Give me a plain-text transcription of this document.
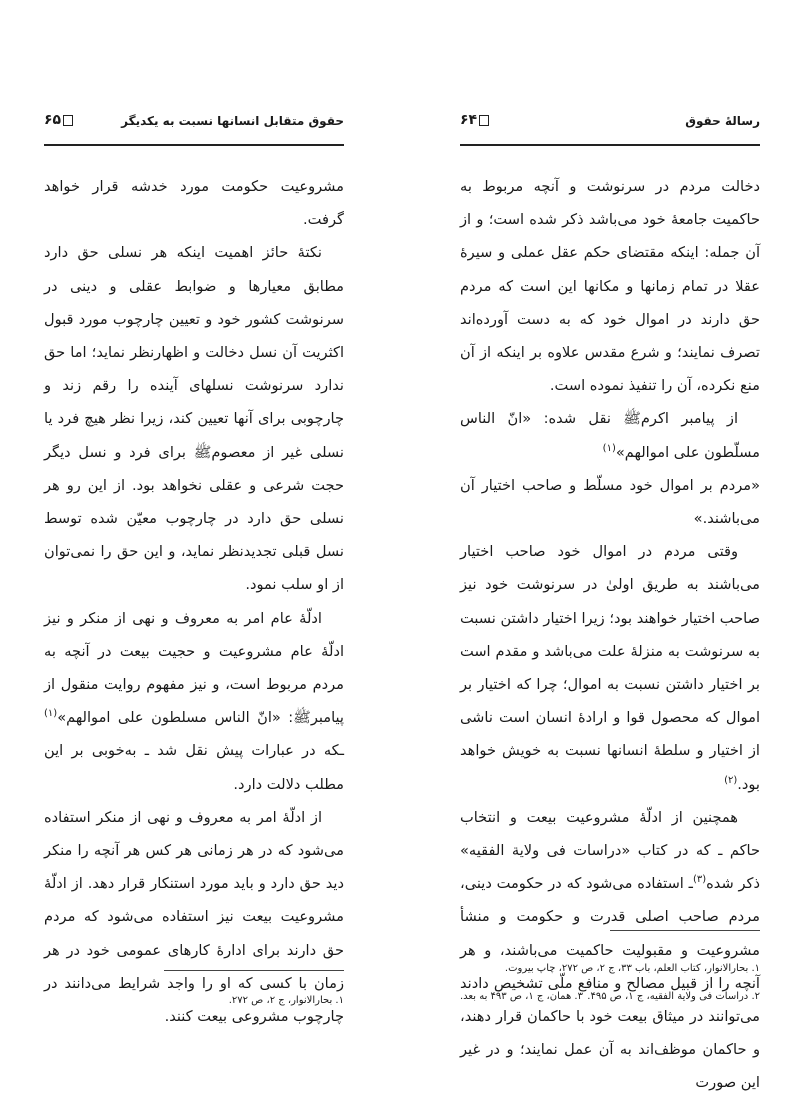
حقوق متقابل انسانها نسبت به یکدیگر
۶۵

مشروعیت حکومت مورد خدشه قرار خواهد گرفت.

نکتهٔ حائز اهمیت اینکه هر نسلی حق دارد مطابق معیارها و ضوابط عقلی و دینی در سرنوشت کشور خود و تعیین چارچوب مورد قبول اکثریت آن نسل دخالت و اظهارنظر نماید؛ اما حق ندارد سرنوشت نسلهای آینده را رقم زند و چارچوبی برای آنها تعیین کند، زیرا نظر هیچ فرد یا نسلی غیر از معصوم‌ﷺ برای فرد و نسل دیگر حجت شرعی و عقلی نخواهد بود. از این رو هر نسلی حق دارد در چارچوب معیّن شده توسط نسل قبلی تجدیدنظر نماید، و این حق را نمی‌توان از او سلب نمود.

ادلّهٔ عام امر به معروف و نهی از منکر و نیز ادلّهٔ عام مشروعیت و حجیت بیعت در آنچه به مردم مربوط است، و نیز مفهوم روایت منقول از پیامبرﷺ: «انّ الناس مسلطون علی اموالهم»$^{(۱)}$ ـکه در عبارات پیش نقل شد ـ به‌خوبی بر این مطلب دلالت دارد.

از ادلّهٔ امر به معروف و نهی از منکر استفاده می‌شود که در هر زمانی هر کس هر آنچه را منکر دید حق دارد و باید مورد استنکار قرار دهد. از ادلّهٔ مشروعیت بیعت نیز استفاده می‌شود که مردم حق دارند برای ادارهٔ کارهای عمومی خود در هر زمان با کسی که او را واجد شرایط می‌دانند در چارچوب مشروعی بیعت کنند.

۱. بحارالانوار، ج ۲، ص ۲۷۲.

رسالهٔ حقوق
۶۴

دخالت مردم در سرنوشت و آنچه مربوط به حاکمیت جامعهٔ خود می‌باشد ذکر شده است؛ و از آن جمله: اینکه مقتضای حکم عقل عملی و سیرهٔ عقلا در تمام زمانها و مکانها این است که مردم حق دارند در اموال خود که به دست آورده‌اند تصرف نمایند؛ و شرع مقدس علاوه بر اینکه از آن منع نکرده، آن را تنفیذ نموده است.

از پیامبر اکرم‌ﷺ نقل شده: «انّ الناس مسلّطون علی اموالهم»$^{(۱)}$

«مردم بر اموال خود مسلّط و صاحب اختیار آن می‌باشند.»

وقتی مردم در اموال خود صاحب اختیار می‌باشند به طریق اولیٰ در سرنوشت خود نیز صاحب اختیار خواهند بود؛ زیرا اختیار داشتن نسبت به سرنوشت به منزلهٔ علت می‌باشد و مقدم است بر اختیار داشتن نسبت به اموال؛ چرا که اختیار بر اموال که محصول قوا و ارادهٔ انسان است ناشی از اختیار و سلطهٔ انسانها نسبت به خویش خواهد بود.$^{(۲)}$

همچنین از ادلّهٔ مشروعیت بیعت و انتخاب حاکم ـ که در کتاب «دراسات فی ولایة الفقیه» ذکر شده$^{(۳)}$ـ استفاده می‌شود که در حکومت دینی، مردم صاحب اصلی قدرت و حکومت و منشأ مشروعیت و مقبولیت حاکمیت می‌باشند، و هر آنچه را از قبیل مصالح و منافع ملّی تشخیص دادند می‌توانند در میثاق بیعت خود با حاکمان قرار دهند، و حاکمان موظف‌اند به آن عمل نمایند؛ و در غیر این صورت

۱. بحارالانوار، کتاب العلم، باب ۳۳، ج ۲، ص ۲۷۲، چاپ بیروت.

۲. دراسات فی ولایة الفقیه، ج ۱، ص ۴۹۵.
۳. همان، ج ۱، ص ۴۹۳ به بعد.
